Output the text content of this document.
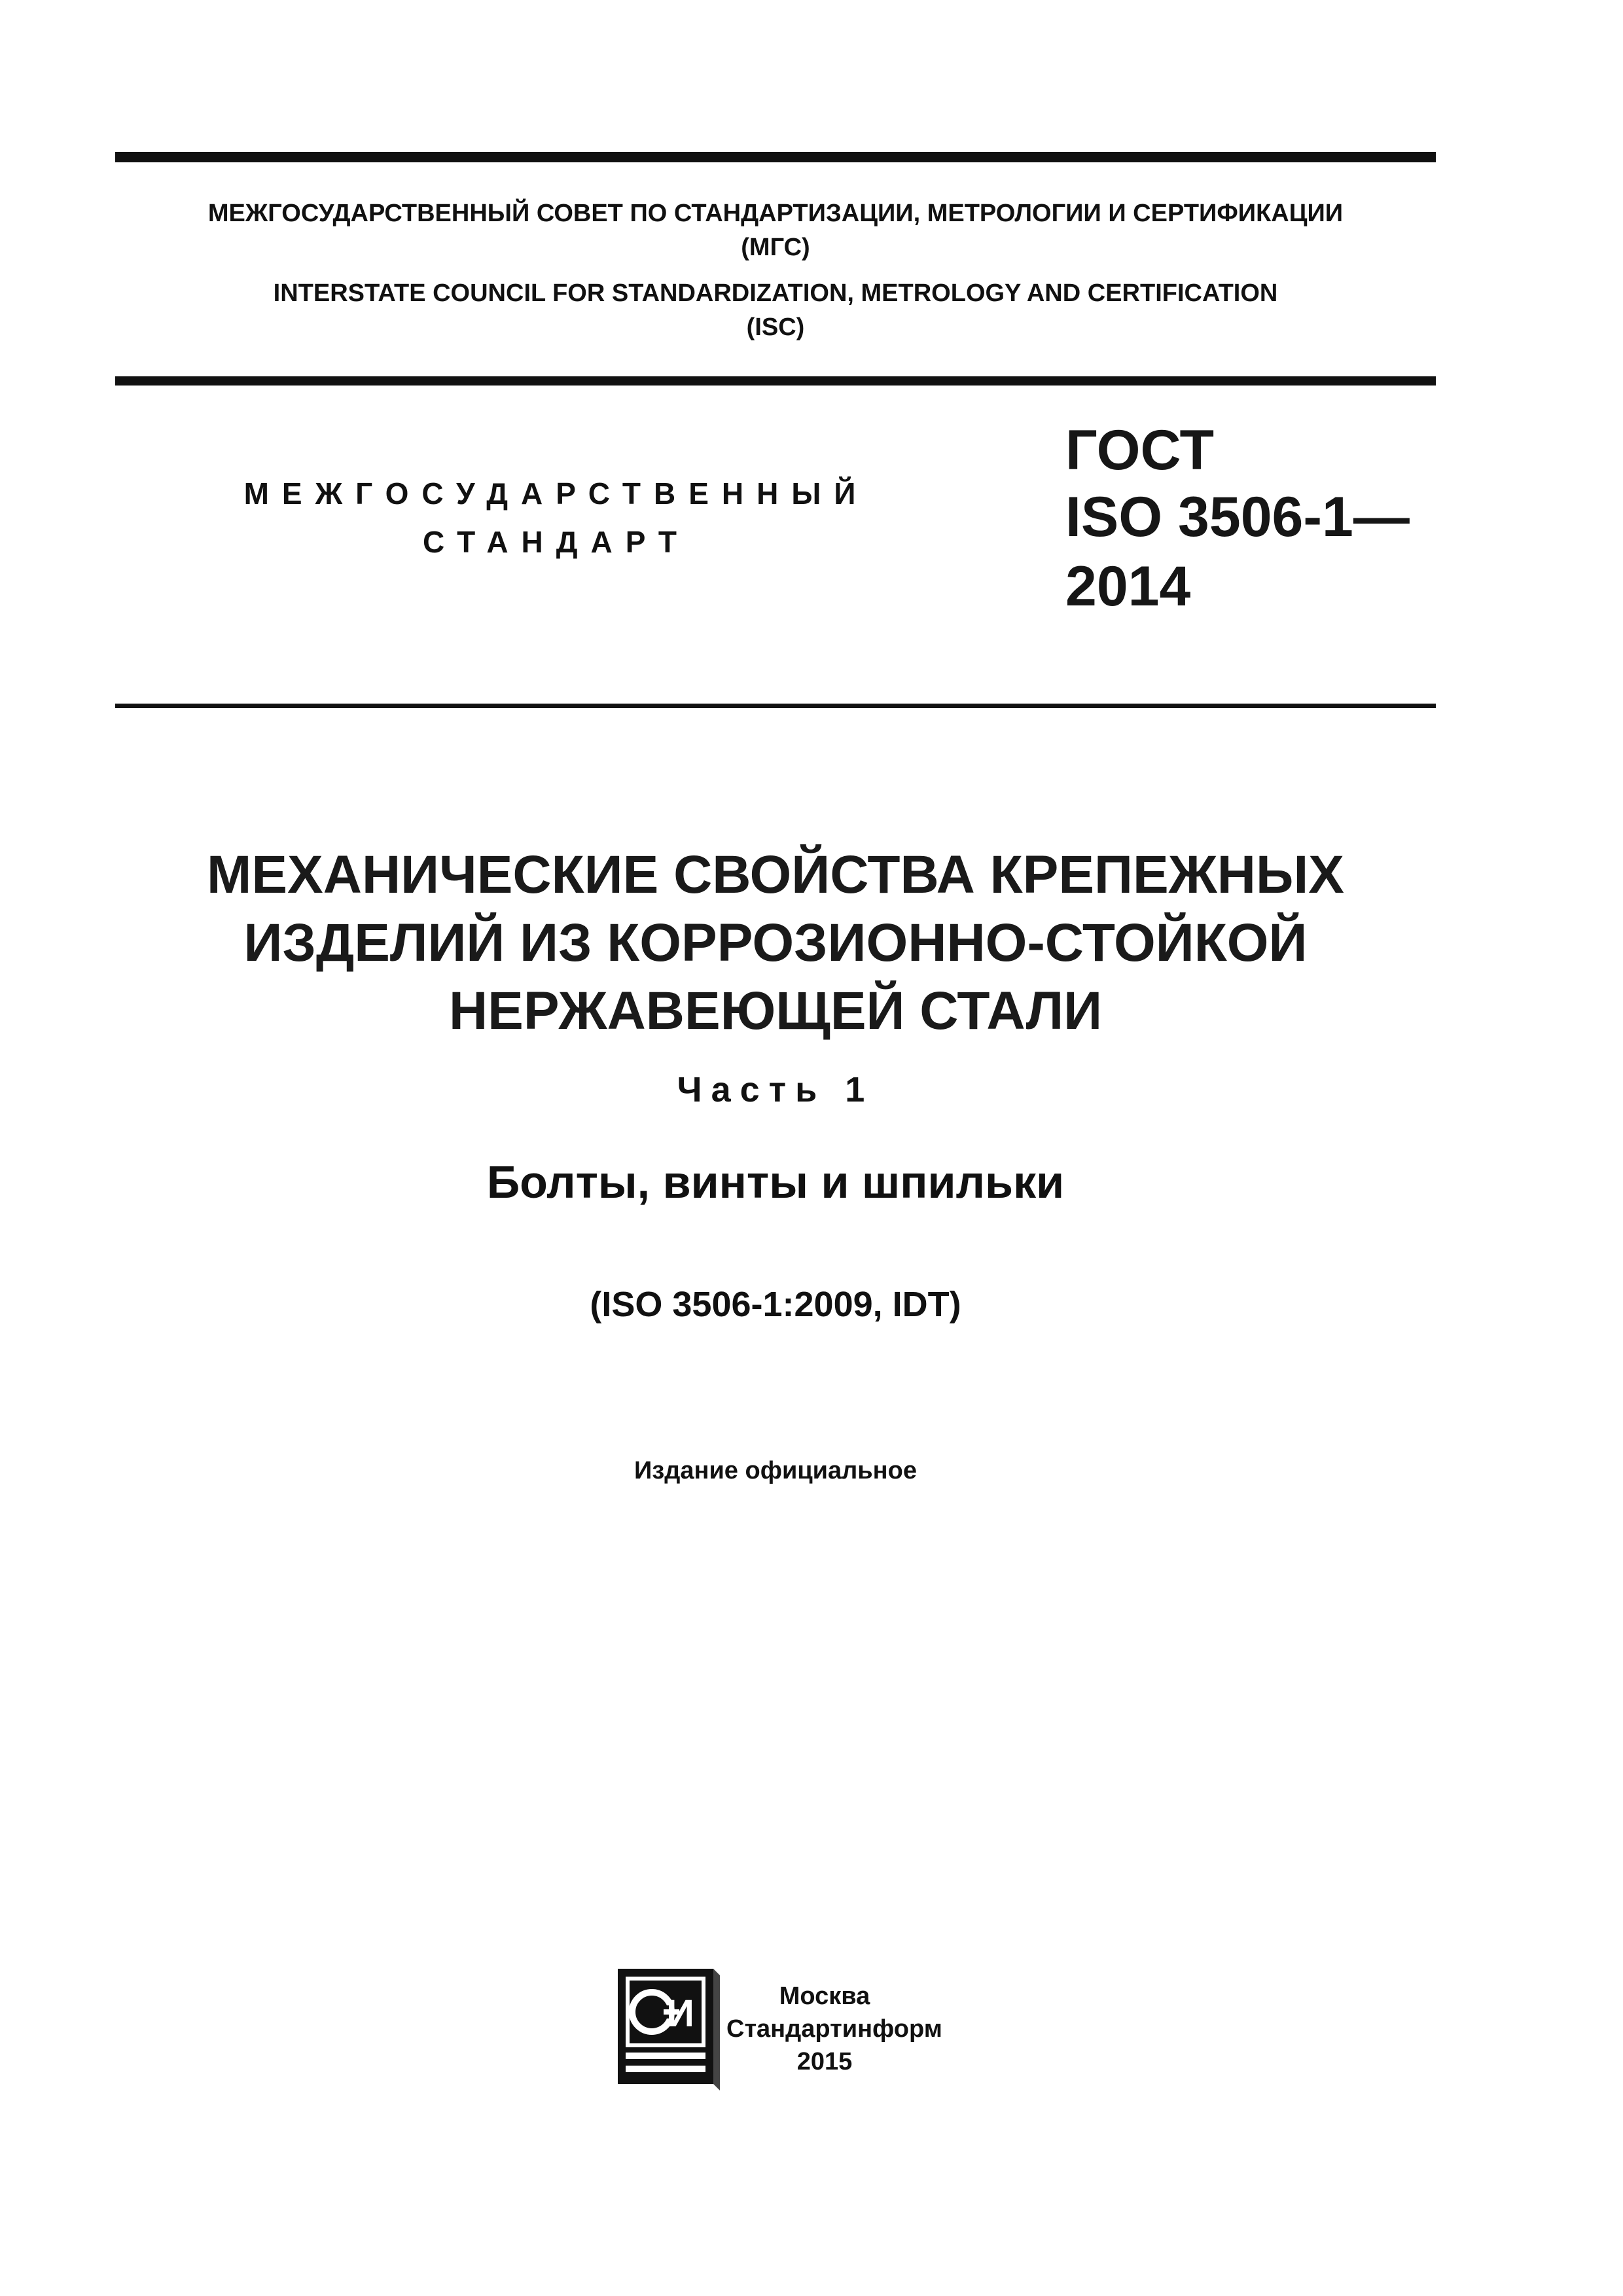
МЕЖГОСУДАРСТВЕННЫЙ СОВЕТ ПО СТАНДАРТИЗАЦИИ, МЕТРОЛОГИИ И СЕРТИФИКАЦИИ
(МГС)
INTERSTATE COUNCIL FOR STANDARDIZATION, METROLOGY AND CERTIFICATION
(ISC)
МЕЖГОСУДАРСТВЕННЫЙ
СТАНДАРТ
ГОСТ
ISO 3506-1—
2014
МЕХАНИЧЕСКИЕ СВОЙСТВА КРЕПЕЖНЫХ
ИЗДЕЛИЙ ИЗ КОРРОЗИОННО-СТОЙКОЙ
НЕРЖАВЕЮЩЕЙ СТАЛИ
Часть 1
Болты, винты и шпильки
(ISO 3506-1:2009, IDT)
Издание официальное
И	Москва
Стандартинформ
2015
